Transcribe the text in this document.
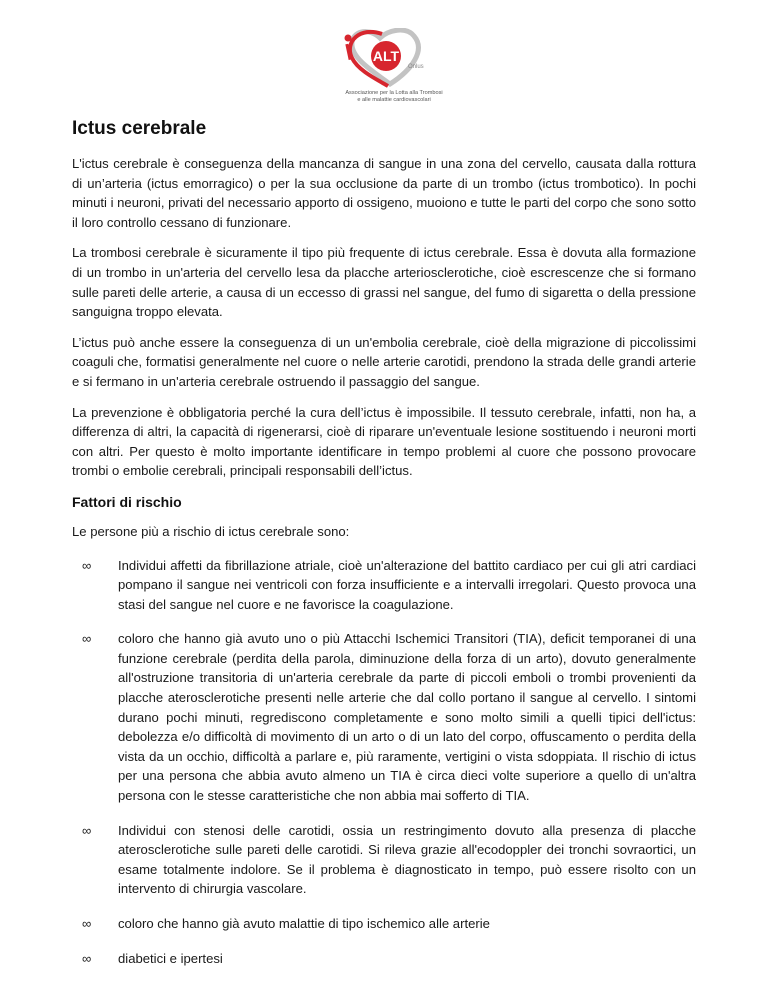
ALT
Onlus
Associazione per la Lotta alla Trombosi
e alle malattie cardiovascolari
Ictus cerebrale

L'ictus cerebrale è conseguenza della mancanza di sangue in una zona del cervello, causata dalla rottura di un’arteria (ictus emorragico) o per la sua occlusione da parte di un trombo (ictus trombotico). In pochi minuti i neuroni, privati del necessario apporto di ossigeno, muoiono e tutte le parti del corpo che sono sotto il loro controllo cessano di funzionare.

La trombosi cerebrale è sicuramente il tipo più frequente di ictus cerebrale. Essa è dovuta alla formazione di un trombo in un'arteria del cervello lesa da placche arteriosclerotiche, cioè escrescenze che si formano sulle pareti delle arterie, a causa di un eccesso di grassi nel sangue, del fumo di sigaretta o della pressione sanguigna troppo elevata.

L’ictus può anche essere la conseguenza di un un'embolia cerebrale, cioè della migrazione di piccolissimi coaguli che, formatisi generalmente nel cuore o nelle arterie carotidi, prendono la strada delle grandi arterie e si fermano in un'arteria cerebrale ostruendo il passaggio del sangue.

La prevenzione è obbligatoria perché la cura dell’ictus è impossibile. Il tessuto cerebrale, infatti, non ha, a differenza di altri, la capacità di rigenerarsi, cioè di riparare un'eventuale lesione sostituendo i neuroni morti con altri. Per questo è molto importante identificare in tempo problemi al cuore che possono provocare trombi o embolie cerebrali, principali responsabili dell’ictus.

Fattori di rischio

Le persone più a rischio di ictus cerebrale sono:

∞ Individui affetti da fibrillazione atriale, cioè un'alterazione del battito cardiaco per cui gli atri cardiaci pompano il sangue nei ventricoli con forza insufficiente e a intervalli irregolari. Questo provoca una stasi del sangue nel cuore e ne favorisce la coagulazione.
∞ coloro che hanno già avuto uno o più Attacchi Ischemici Transitori (TIA), deficit temporanei di una funzione cerebrale (perdita della parola, diminuzione della forza di un arto), dovuto generalmente all'ostruzione transitoria di un'arteria cerebrale da parte di piccoli emboli o trombi provenienti da placche aterosclerotiche presenti nelle arterie che dal collo portano il sangue al cervello. I sintomi durano pochi minuti, regrediscono completamente e sono molto simili a quelli tipici dell'ictus: debolezza e/o difficoltà di movimento di un arto o di un lato del corpo, offuscamento o perdita della vista da un occhio, difficoltà a parlare e, più raramente, vertigini o vista sdoppiata. Il rischio di ictus per una persona che abbia avuto almeno un TIA è circa dieci volte superiore a quello di un'altra persona con le stesse caratteristiche che non abbia mai sofferto di TIA.
∞ Individui con stenosi delle carotidi, ossia un restringimento dovuto alla presenza di placche aterosclerotiche sulle pareti delle carotidi. Si rileva grazie all'ecodoppler dei tronchi sovraortici, un esame totalmente indolore. Se il problema è diagnosticato in tempo, può essere risolto con un intervento di chirurgia vascolare.
∞ coloro che hanno già avuto malattie di tipo ischemico alle arterie
∞ diabetici e ipertesi
